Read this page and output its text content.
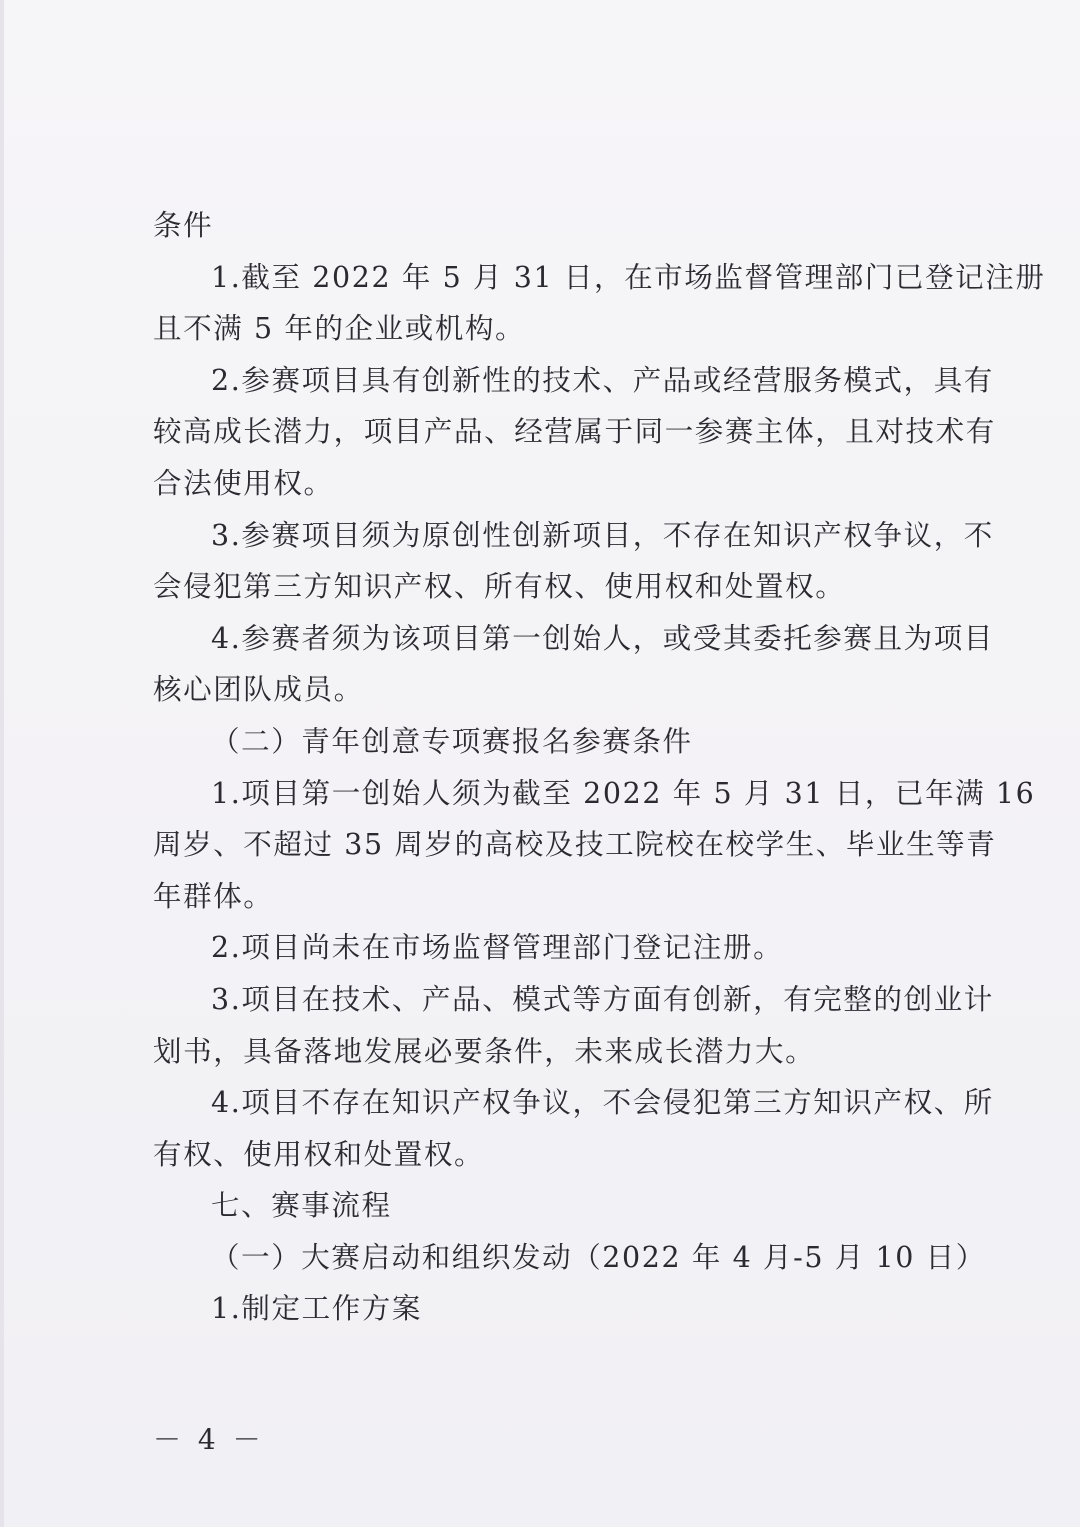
条件
1.截至 2022 年 5 月 31 日，在市场监督管理部门已登记注册
且不满 5 年的企业或机构。
2.参赛项目具有创新性的技术、产品或经营服务模式，具有
较高成长潜力，项目产品、经营属于同一参赛主体，且对技术有
合法使用权。
3.参赛项目须为原创性创新项目，不存在知识产权争议，不
会侵犯第三方知识产权、所有权、使用权和处置权。
4.参赛者须为该项目第一创始人，或受其委托参赛且为项目
核心团队成员。
（二）青年创意专项赛报名参赛条件
1.项目第一创始人须为截至 2022 年 5 月 31 日，已年满 16
周岁、不超过 35 周岁的高校及技工院校在校学生、毕业生等青
年群体。
2.项目尚未在市场监督管理部门登记注册。
3.项目在技术、产品、模式等方面有创新，有完整的创业计
划书，具备落地发展必要条件，未来成长潜力大。
4.项目不存在知识产权争议，不会侵犯第三方知识产权、所
有权、使用权和处置权。
七、赛事流程
（一）大赛启动和组织发动（2022 年 4 月-5 月 10 日）
1.制定工作方案
－ 4 －
